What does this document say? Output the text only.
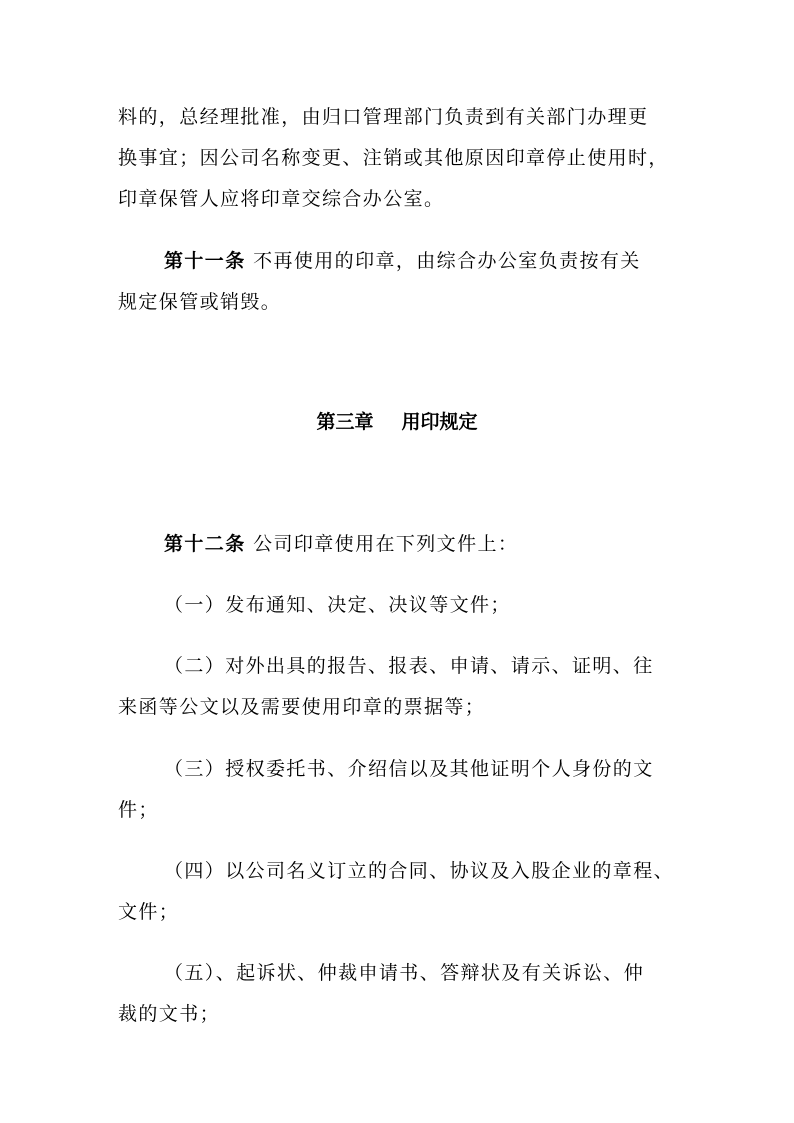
料的，总经理批准，由归口管理部门负责到有关部门办理更
换事宜；因公司名称变更、注销或其他原因印章停止使用时，
印章保管人应将印章交综合办公室。
第十一条 不再使用的印章，由综合办公室负责按有关
规定保管或销毁。
第三章 用印规定
第十二条 公司印章使用在下列文件上：
（一）发布通知、决定、决议等文件；
（二）对外出具的报告、报表、申请、请示、证明、往
来函等公文以及需要使用印章的票据等；
（三）授权委托书、介绍信以及其他证明个人身份的文
件；
（四）以公司名义订立的合同、协议及入股企业的章程、
文件；
（五）、起诉状、仲裁申请书、答辩状及有关诉讼、仲
裁的文书；
